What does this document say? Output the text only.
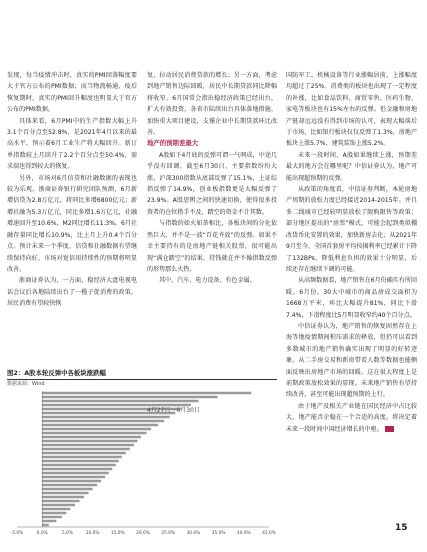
发现，每当疫情冲击时，真实的PMI回落幅度要大于官方公布的PMI数据；而当物流畅通、疫后恢复期时，真实的PMI回升幅度也明显大于官方公布的PMI数据。

具体来看，6月PMI中的生产指数大幅上升3.1个百分点至52.8%，是2021年4月以来的最高水平，预示着6月工业生产将大幅回升。新订单指数较上月回升了2.2个百分点至50.4%，需求端也得到较大的恢复。

另外，市场对6月信贷和社融数据的表现也较为乐观。浙商证券银行研究团队预测，6月新增信贷为2.8万亿元，将同比多增6800亿元；新增社融为5.3万亿元，同比多增1.6万亿元，社融增速回升至10.6%，M2同比增长11.3%。6月社融存量同比增长10.9%，比上月上升0.4个百分点。预计未来一个季度，信贷和社融数据有望继续保持向好，市场对宽信用持续性的预期将明显改善。

浙商证券认为，一方面，稳经济大盘电视电话会议后各地陆续出台了一揽子促消费的政策，居民消费有望较快恢

复，拉动居民消费贷款的增长；另一方面，考虑到地产销售边际回暖，居民中长期贷款同比降幅将收窄。6月国常会指出稳经济政策已经出台，扩大有效投资，各省市陆续出台具体落地措施，加快重大项目建设，支撑企业中长期贷款环比改善。

地产的预期差最大

A股如下4月底的反弹可谓一气呵成，中途几乎没有回调。截至6月30日，主要指数纷纷大涨，沪深300指数从底部反弹了15.1%，上证综指反弹了14.9%，创业板指数更是大幅反弹了23.9%。A股思辨之间的快速切换，使得很多投资者的仓位措手不及，踏空的资金不计其数。

与指数的如火如荼相比，各板块间的分化依然巨大，并不是一波“百花齐放”的反弹。如果不幸主要持有的是房地产链相关股票，很可能出现“满仓踏空”的结果，持钱就在并不像指数反弹的形势那么火热。

其中，汽车、电力设备、有色金属、

国防军工、机械设备等行业涨幅居前，上涨幅度均超过了25%。消费类的板块也出现了一定程度的补涨，比如食品饮料、商贸零售、医药生物、家电等板块也有15%左右的反弹。但金融和房地产链却远远没有得到市场的认可，表现大幅落后于市场，比如银行板块仅仅反弹了1.3%，房地产板块上涨5.7%，建筑装饰上涨5.2%。

未来一段时间，A股如果继续上涨，预期差最大的地方会在哪里呢？中信证券认为，地产可能出现超预期的反弹。

从政策的角度看，中信证券判断，本轮房地产周期的放松力度已经接近2014-2015年。并且多二线城市已经较明显放松了限购限售等政策；部分地区提出的“房票”模式，可能会起到类似棚改货币化安置的效果，加快新房去化；从2021年9月至今，全国首套房平均按揭利率已经累计下降了132BPs，降低利息负担的效果十分明显，后续还存在继续下调的可能。

从高频数据看，地产销售在6月份确实有所回暖。6月份，30大中城市的商品房成交面积为1668万平米，环比大幅提升81%，同比下滑7.4%，下滑程度比5月明显收窄约40个百分点。

中信证券认为，地产销售的恢复固然存在上海等地疫情期间积压需求的释放，但仍可以看到多数城市的地产销售确实出现了明显的好转迹象。从二手房交易和新房带看人数等数据也能侧面反映出房地产市场的回暖。这在很大程度上是前期政策放松效果的显现。未来地产销售有望持续改善，甚至可能出现超预期的上行。

由于地产及相关产业链在国民经济中占比较大，地产能否企稳在一个合适的高度，将决定着未来一段时间中国经济增长的中枢。

图2：A股本轮反弹中各板块涨跌幅
数据来源：Wind
-5.0%	0.0%	5.0%	10.0%	15.0%	20.0%	25.0%	30.0%	35.0%	40.0%	45.0%
4月27日－6月30日
15
